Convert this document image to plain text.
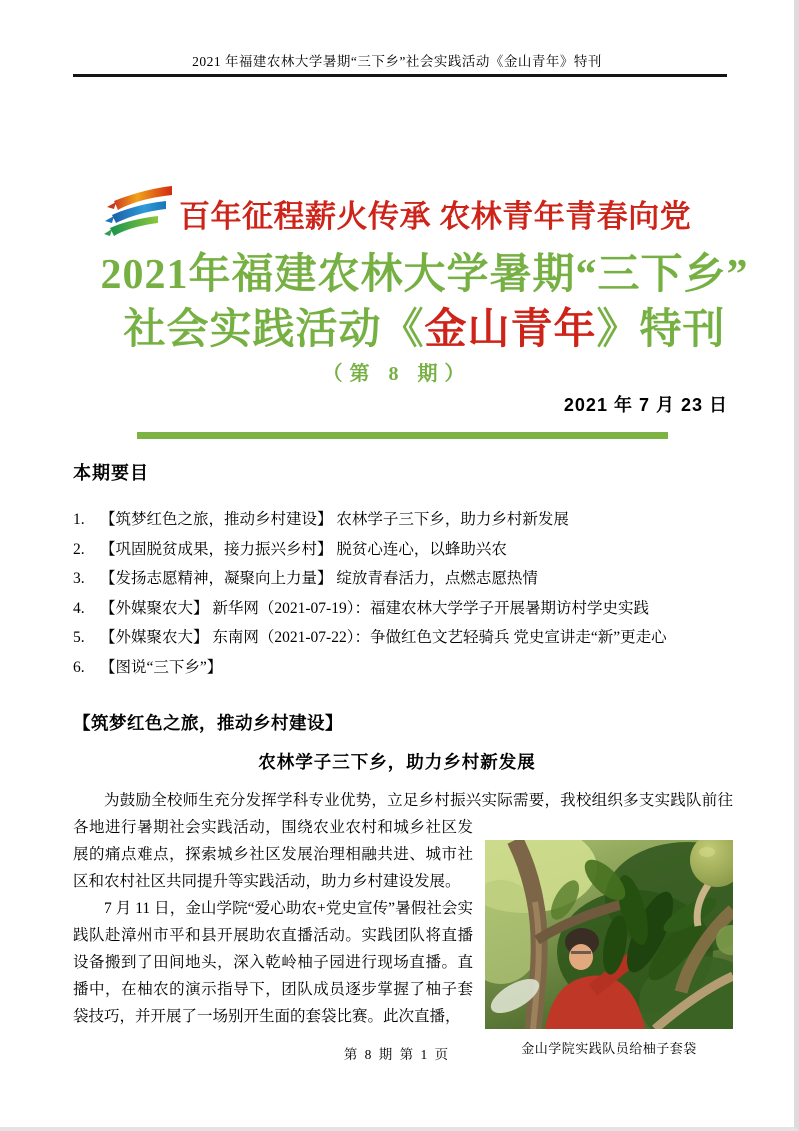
2021 年福建农林大学暑期“三下乡”社会实践活动《金山青年》特刊
百年征程薪火传承 农林青年青春向党
2021年福建农林大学暑期“三下乡”
社会实践活动《金山青年》特刊
（第 8 期）
2021 年 7 月 23 日
本期要目
1. 【筑梦红色之旅，推动乡村建设】 农林学子三下乡，助力乡村新发展
2. 【巩固脱贫成果，接力振兴乡村】 脱贫心连心，以蜂助兴农
3. 【发扬志愿精神，凝聚向上力量】 绽放青春活力，点燃志愿热情
4. 【外媒聚农大】 新华网（2021-07-19）：福建农林大学学子开展暑期访村学史实践
5. 【外媒聚农大】 东南网（2021-07-22）：争做红色文艺轻骑兵 党史宣讲走“新”更走心
6. 【图说“三下乡”】
【筑梦红色之旅，推动乡村建设】
农林学子三下乡，助力乡村新发展
金山学院实践队员给柚子套袋

为鼓励全校师生充分发挥学科专业优势，立足乡村振兴实际需要，我校组织多支实践队前往各地进行暑期社会实践活动，围绕农业农村和城乡社区发展的痛点难点，探索城乡社区发展治理相融共进、城市社区和农村社区共同提升等实践活动，助力乡村建设发展。

7 月 11 日，金山学院“爱心助农+党史宣传”暑假社会实践队赴漳州市平和县开展助农直播活动。实践团队将直播设备搬到了田间地头，深入乾岭柚子园进行现场直播。直播中，在柚农的演示指导下，团队成员逐步掌握了柚子套袋技巧，并开展了一场别开生面的套袋比赛。此次直播，

第 8 期 第 1 页
